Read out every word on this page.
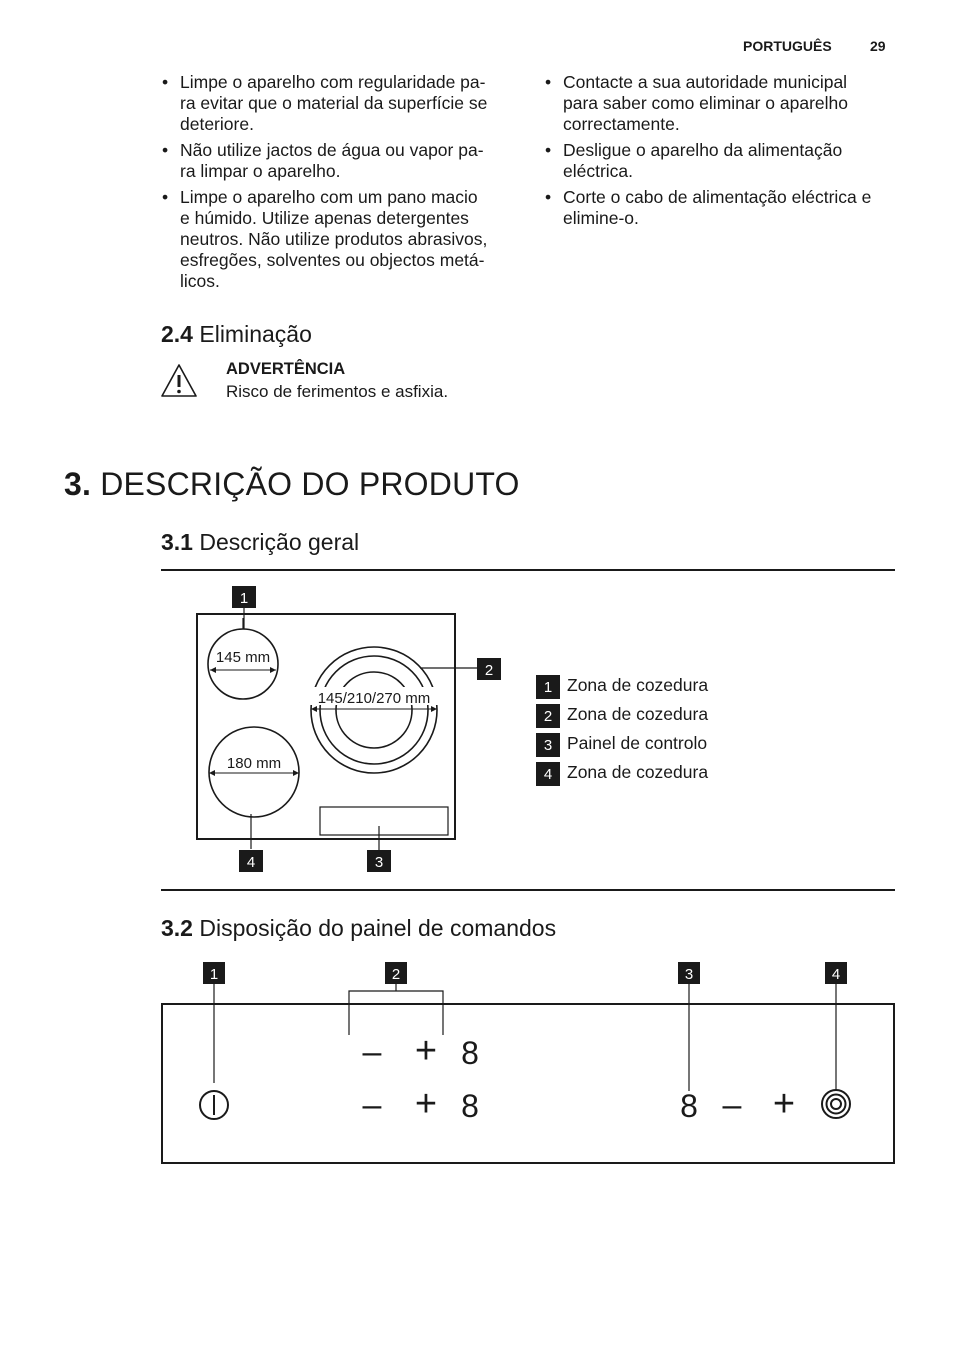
PORTUGUÊS	29
• Limpe o aparelho com regularidade pa-
ra evitar que o material da superfície se
deteriore.
• Não utilize jactos de água ou vapor pa-
ra limpar o aparelho.
• Limpe o aparelho com um pano macio
e húmido. Utilize apenas detergentes
neutros. Não utilize produtos abrasivos,
esfregões, solventes ou objectos metá-
licos.
• Contacte a sua autoridade municipal
para saber como eliminar o aparelho
correctamente.
• Desligue o aparelho da alimentação
eléctrica.
• Corte o cabo de alimentação eléctrica e
elimine-o.
2.4 Eliminação
ADVERTÊNCIA
Risco de ferimentos e asfixia.
3. DESCRIÇÃO DO PRODUTO
3.1 Descrição geral
145 mm
1
145/210/270 mm
2
180 mm
4	3
1 Zona de cozedura
2 Zona de cozedura
3 Painel de controlo
4 Zona de cozedura
3.2 Disposição do painel de comandos
1	2	3	4
– + 8
– + 8	8 – +
